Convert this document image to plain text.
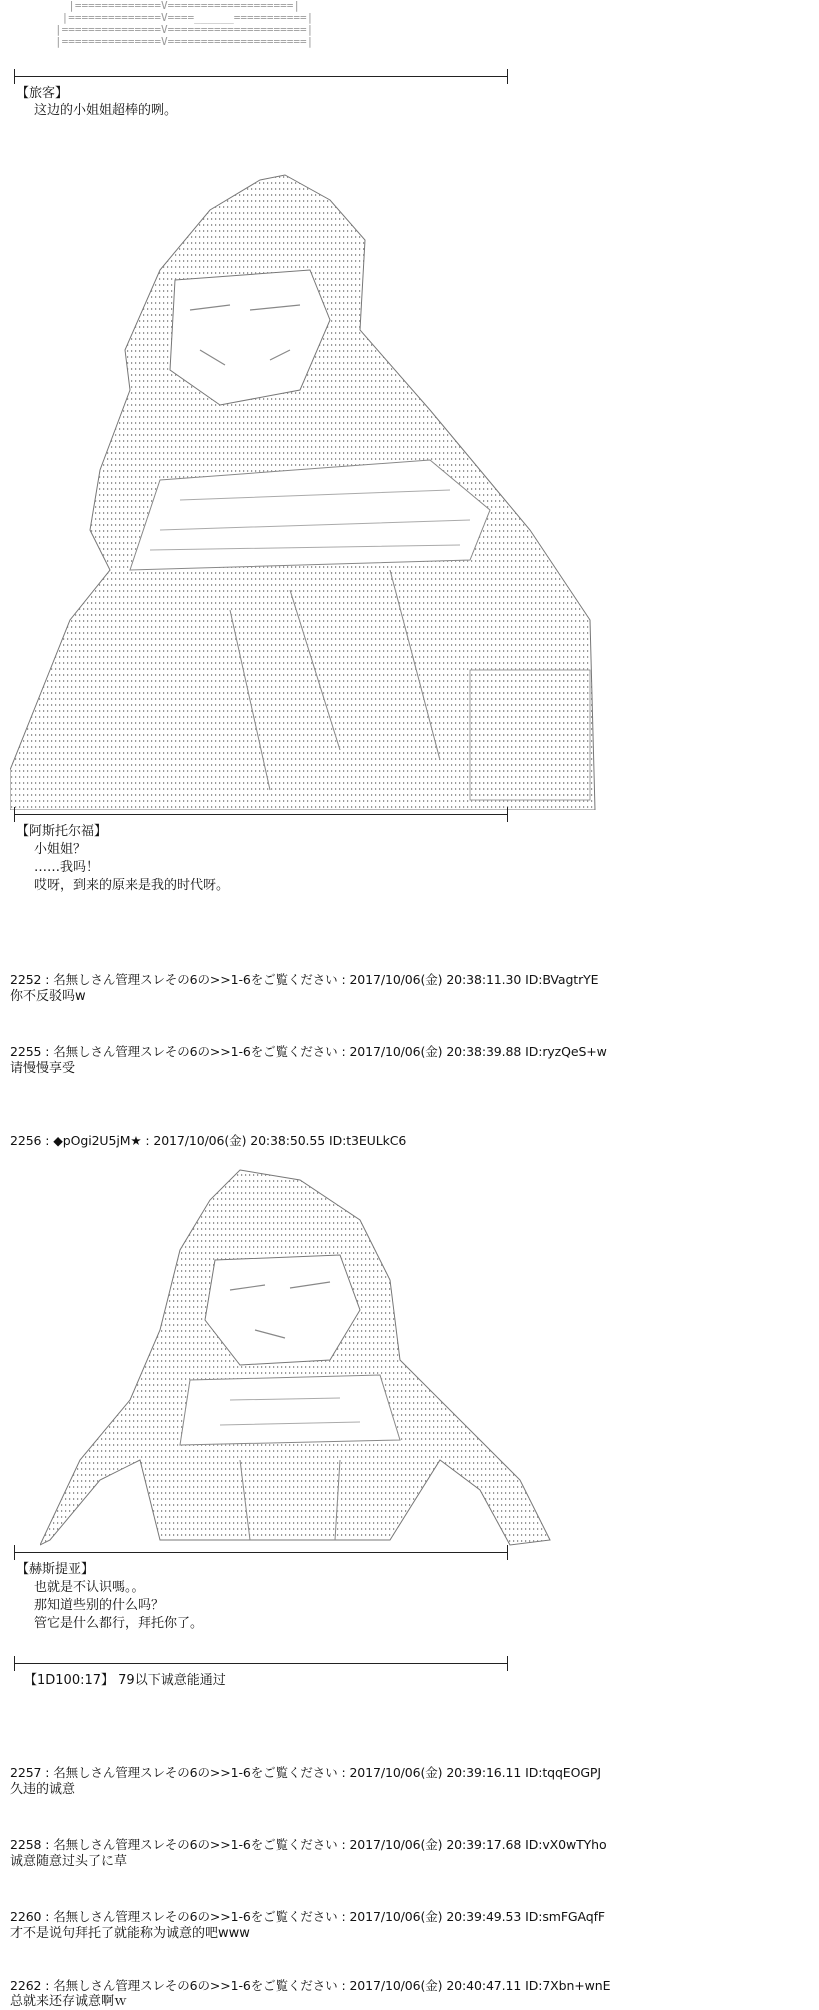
|=============V===================|
|==============V====______===========|
|===============V=====================|
|===============V=====================|
【旅客】
这边的小姐姐超棒的咧。
【阿斯托尔福】
小姐姐？
……我吗！
哎呀，到来的原来是我的时代呀。
2252 : 名無しさん管理スレその6の>>1-6をご覧ください : 2017/10/06(金) 20:38:11.30 ID:BVagtrYE
你不反驳吗w
2255 : 名無しさん管理スレその6の>>1-6をご覧ください : 2017/10/06(金) 20:38:39.88 ID:ryzQeS+w
请慢慢享受
2256 : ◆pOgi2U5jM★ : 2017/10/06(金) 20:38:50.55 ID:t3EULkC6
【赫斯提亚】
也就是不认识嗎。。
那知道些别的什么吗？
管它是什么都行，拜托你了。
【1D100:17】 79以下诚意能通过
2257 : 名無しさん管理スレその6の>>1-6をご覧ください : 2017/10/06(金) 20:39:16.11 ID:tqqEOGPJ
久违的诚意
2258 : 名無しさん管理スレその6の>>1-6をご覧ください : 2017/10/06(金) 20:39:17.68 ID:vX0wTYho
诚意随意过头了に草
2260 : 名無しさん管理スレその6の>>1-6をご覧ください : 2017/10/06(金) 20:39:49.53 ID:smFGAqfF
才不是说句拜托了就能称为诚意的吧www
2262 : 名無しさん管理スレその6の>>1-6をご覧ください : 2017/10/06(金) 20:40:47.11 ID:7Xbn+wnE
总就来还存诚意啊ｗ
